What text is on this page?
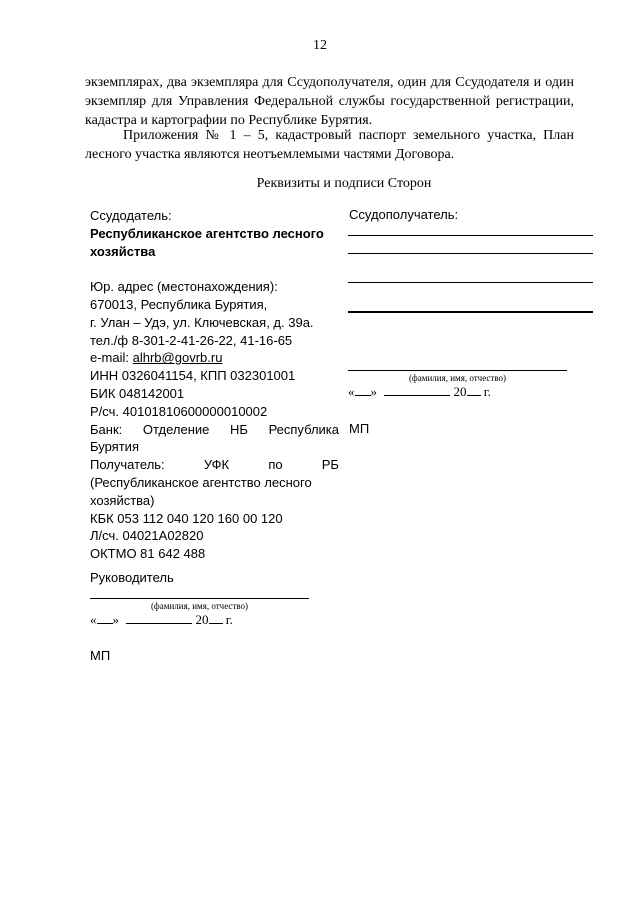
12
экземплярах, два экземпляра для Ссудополучателя, один для Ссудодателя и один экземпляр для Управления Федеральной службы государственной регистрации, кадастра и картографии по Республике Бурятия.
Приложения № 1 – 5, кадастровый паспорт земельного участка, План лесного участка являются неотъемлемыми частями Договора.
Реквизиты и подписи Сторон
Ссудодатель:
Республиканское агентство лесного
хозяйства

Юр. адрес (местонахождения):
670013, Республика Бурятия,
г. Улан – Удэ, ул. Ключевская, д. 39а.
тел./ф 8-301-2-41-26-22, 41-16-65
e-mail: alhrb@govrb.ru
ИНН 0326041154, КПП 032301001
БИК 048142001
Р/сч. 40101810600000010002
Банк: Отделение НБ Республика
Бурятия
Получатель:	УФК	по	РБ
(Республиканское агентство лесного
хозяйства)
КБК 053 112 040 120 160 00 120
Л/сч. 04021А02820
ОКТМО 81 642 488
Руководитель
(фамилия, имя, отчество)
« »	20 г.
МП
Ссудополучатель:
(фамилия, имя, отчество)
« »	20 г.
МП
